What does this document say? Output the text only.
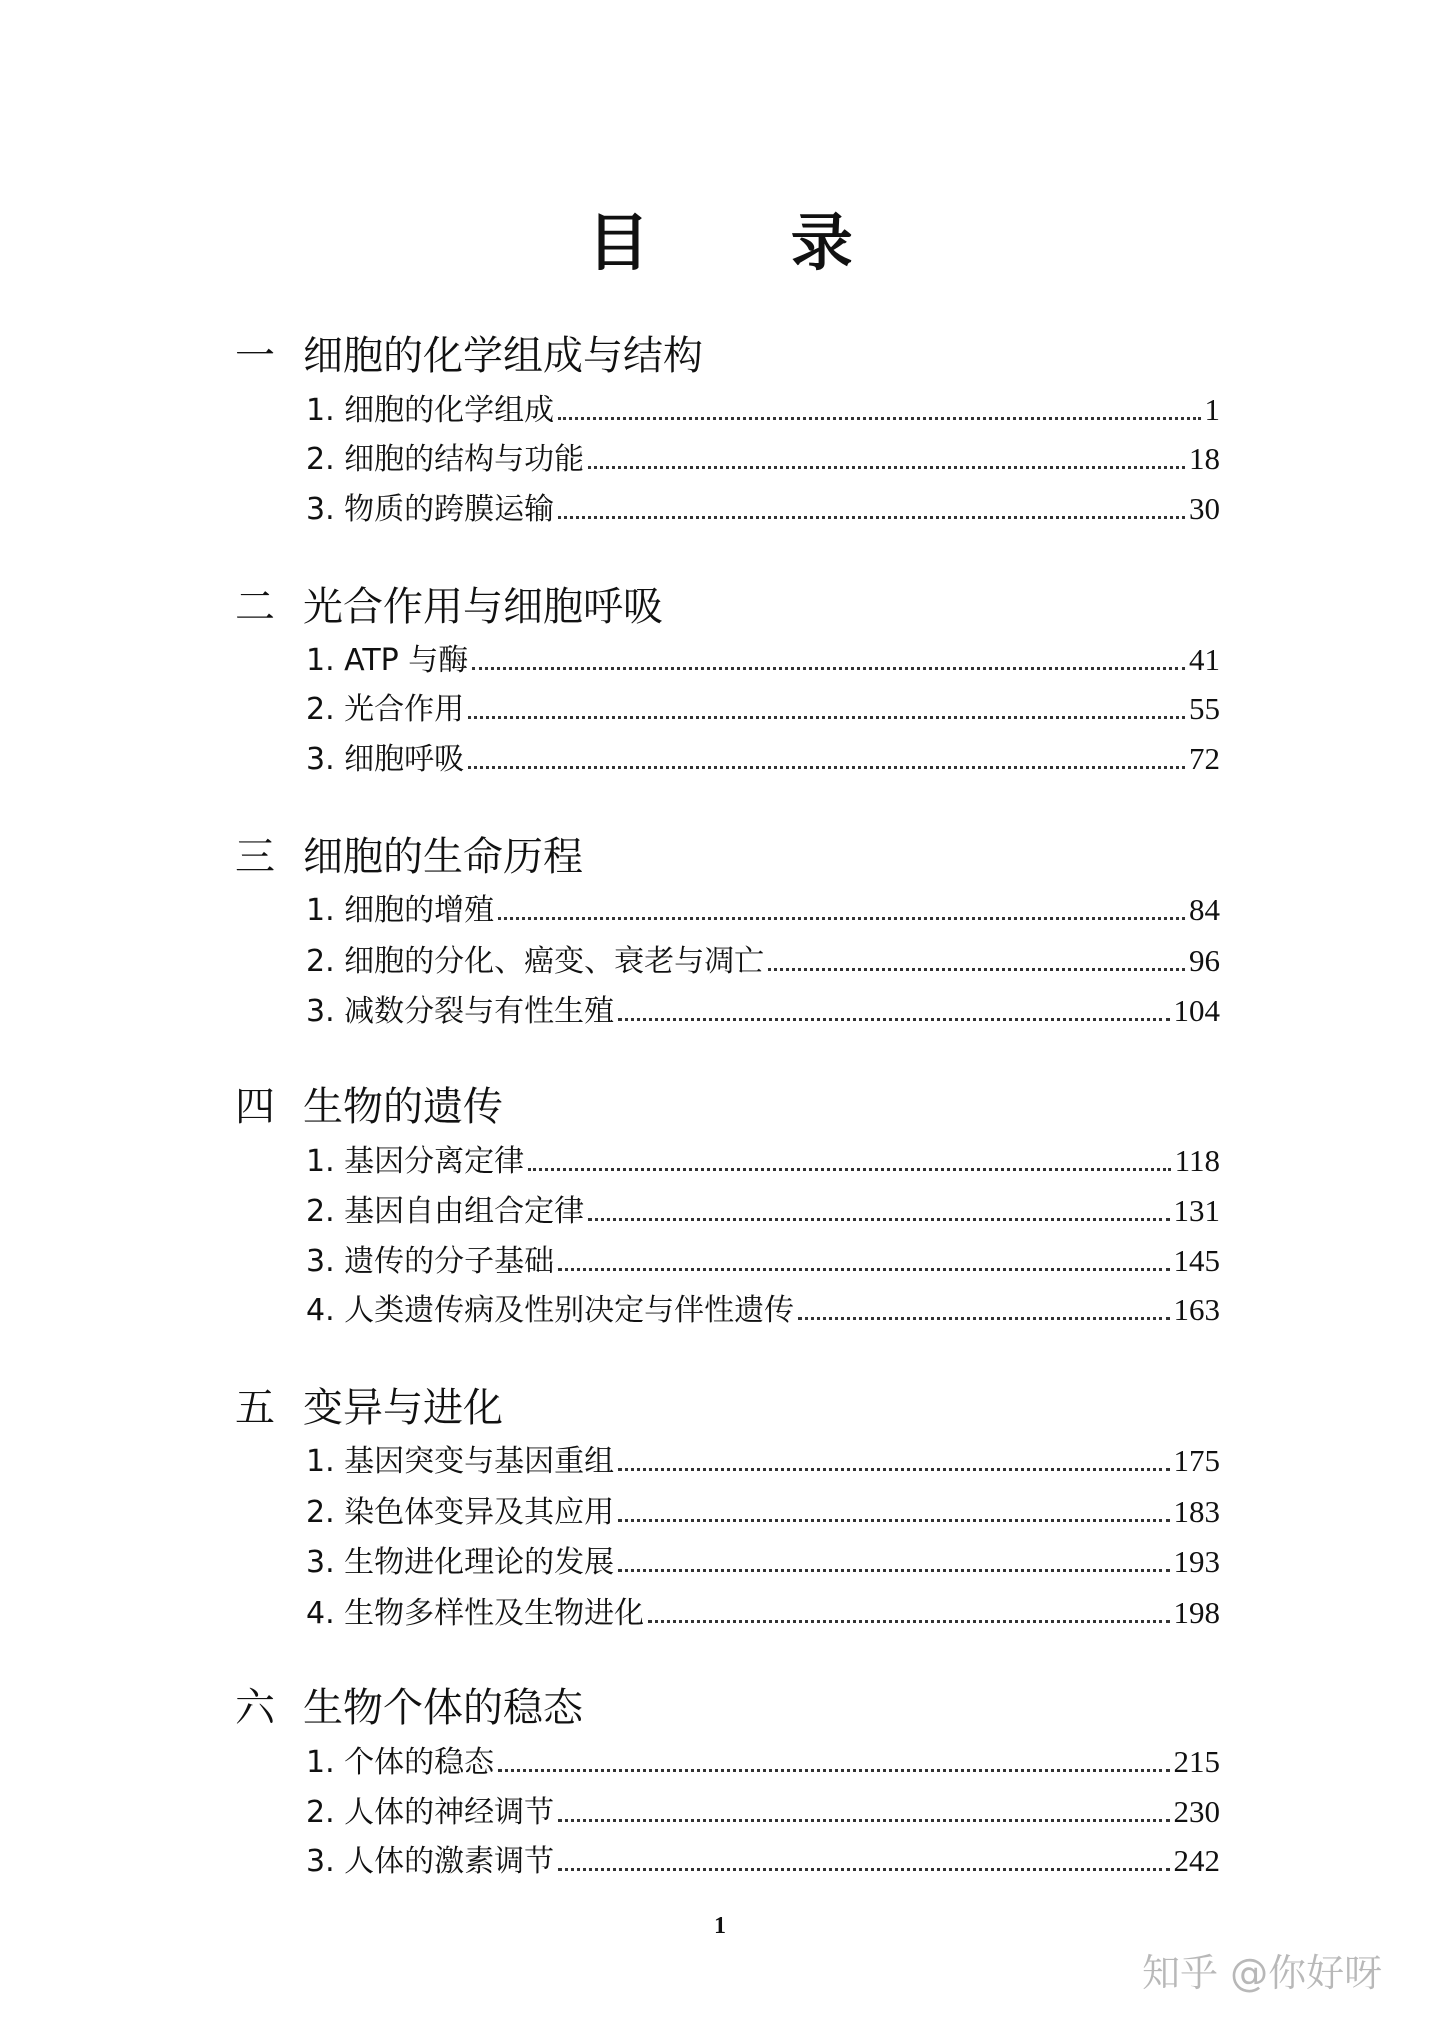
目 录
一 细胞的化学组成与结构
1. 细胞的化学组成	1
2. 细胞的结构与功能	18
3. 物质的跨膜运输	30
二 光合作用与细胞呼吸
1. ATP 与酶	41
2. 光合作用	55
3. 细胞呼吸	72
三 细胞的生命历程
1. 细胞的增殖	84
2. 细胞的分化、癌变、衰老与凋亡	96
3. 减数分裂与有性生殖	104
四 生物的遗传
1. 基因分离定律	118
2. 基因自由组合定律	131
3. 遗传的分子基础	145
4. 人类遗传病及性别决定与伴性遗传	163
五 变异与进化
1. 基因突变与基因重组	175
2. 染色体变异及其应用	183
3. 生物进化理论的发展	193
4. 生物多样性及生物进化	198
六 生物个体的稳态
1. 个体的稳态	215
2. 人体的神经调节	230
3. 人体的激素调节	242
1
知乎 @你好呀
